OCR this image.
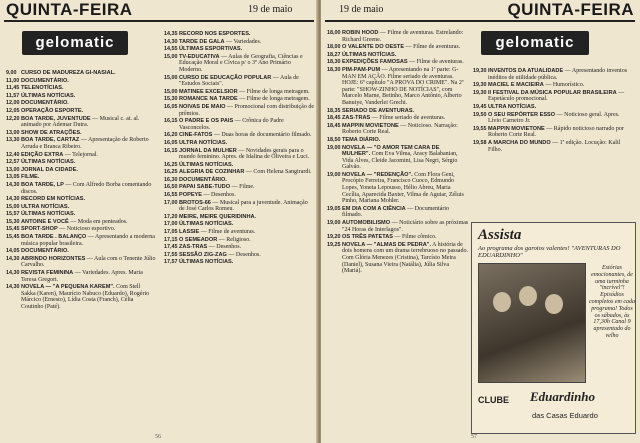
QUINTA-FEIRA	19 de maio
gelomatic
9,00 CURSO DE MADUREZA GI-NASIAL.
11,00 DOCUMENTÁRIO.
11,45 TELENOTÍCIAS.
11,57 ÚLTIMAS NOTÍCIAS.
12,00 DOCUMENTÁRIO.
12,05 OPERAÇÃO ESPORTE.
12,20 BOA TARDE, JUVENTUDE — Musical c. at. al. animado por Ademar Dutra.
13,00 SHOW DE ATRAÇÕES.
13,30 BOA TARDE, CARTAZ — Apresentação de Roberto Arruda e Branca Ribeiro.
12,40 EDIÇÃO EXTRA — Telejornal.
12,57 ÚLTIMAS NOTÍCIAS.
13,00 JORNAL DA CIDADE.
13,05 FILME.
14,30 BOA TARDE, LP — Com Alfredo Borba comentando discos.
14,30 RECORD EM NOTÍCIAS.
15,00 ULTRA NOTÍCIAS.
15,57 ÚLTIMAS NOTÍCIAS.
15,30 ANTOINE E VOCÊ — Moda em penteados.
15,45 SPORT-SHOP — Noticioso esportivo.
15,45 BOA TARDE . BALANÇO — Apresentando a moderna música popular brasileira.
14,05 DOCUMENTÁRIO.
14,30 ABRINDO HORIZONTES — Aula com o Tenente Júlio Carvalho.
14,30 REVISTA FEMININA — Variedades. Apres. Maria Teresa Gregori.
14,30 NOVELA — "A PEQUENA KAREM". Com Stell Sakka (Karen), Maurício Nabuco (Eduardo), Rogério Márcico (Ernesto), Lídia Costa (Franch), Célia Coutinho (Paté).
14,35 RECORD NOS ESPORTES.
14,30 TARDE DE GALA — Variedades.
14,55 ÚLTIMAS ESPORTIVAS.
15,00 TV-EDUCATIVA — Aulas de Geografia, Ciências e Educação Moral e Cívica p/ o 3º Ano Primário Moderno.
15,00 CURSO DE EDUCAÇÃO POPULAR — Aula de "Estudos Sociais".
15,00 MATINEE EXCELSIOR — Filme de longa metragem.
15,30 ROMANCE NA TARDE — Filme de longa metragem.
16,05 NOIVAS DE MAIO — Promocional com distribuição de prêmios.
16,15 O PADRE E OS PAIS — Crônica do Padre Vasconcelos.
16,20 CINE-FATOS — Duas horas de documentário filmado.
16,05 ULTRA NOTÍCIAS.
16,15 JORNAL DA MULHER — Novidades gerais para o mundo feminino. Apres. de Idalina de Oliveira e Luci.
16,25 ÚLTIMAS NOTÍCIAS.
16,25 ALEGRIA DE COZINHAR — Com Helena Sangirardi.
16,30 DOCUMENTÁRIO.
16,50 PAPAI SABE-TUDO — Filme.
16,55 POPEYE — Desenhos.
17,00 BROTOS-66 — Musical para a juventude. Animação de José Carlos Romeu.
17,20 MEIRE, MEIRE QUERIDINHA.
17,00 ÚLTIMAS NOTÍCIAS.
17,05 LASSIE — Filme de aventuras.
17,15 O SEMEADOR — Religioso.
17,45 ZAS-TRAS — Desenhos.
17,55 SESSÃO ZIG-ZAG — Desenhos.
17,57 ÚLTIMAS NOTÍCIAS.
56
19 de maio	QUINTA-FEIRA
gelomatic
18,00 ROBIN HOOD — Filme de aventuras. Estrelando: Richard Greene.
18,00 O VALENTE DO OESTE — Filme de aventuras.
18,27 ÚLTIMAS NOTÍCIAS.
18,30 EXPEDIÇÕES FAMOSAS — Filme de aventuras.
18,30 PIM-PAM-PUM — Apresentando na 1ª parte: G-MAN EM AÇÃO. Filme seriado de aventuras. HOJE: 6º capítulo "A PROVA DO CRIME". Na 2ª parte: "SHOW-ZINHO DE NOTÍCIAS", com Marcelo Marne, Betinho, Marco Antônio, Alberto Banuiye, Vanderlei Grechi.
18,35 SERIADO DE AVENTURAS.
18,45 ZAS-TRAS — Filme seriado de aventuras.
18,45 MAPPIN MOVIETONE — Noticioso. Narração: Roberto Corte Real.
18,50 TEMA DIÁRIO.
19,00 NOVELA — "O AMOR TEM CARA DE MULHER". Com Eva Vilma, Aracy Balabanian, Vida Alves, Cleide Jacomini, Lisa Negri, Sérgio Galvão.
19,00 NOVELA — "REDENÇÃO". Com Flora Geni, Procópio Ferreira, Francisco Cuoco, Edmundo Lopes, Yoneta Lepousso, Hélio Abreu, Maria Cecília, Aparecida Baxter, Vilma de Aguiar, Zéluis Pinho, Mariana Mohler.
19,05 EM DIA COM A CIÊNCIA — Documentário filmado.
19,00 AUTOMOBILISMO — Noticiário sobre as próximas "24 Horas de Interlagos".
19,20 OS TRÊS PATETAS — Filme cômico.
19,25 NOVELA — "ALMAS DE PEDRA". A história de dois homens com um drama terrebruoso no passado. Com Glória Menezes (Cristina), Tarcísio Meira (Daniel), Susana Vieira (Natália), Júlia Silva (Mariá).
19,30 INVENTOS DA ATUALIDADE — Apresentando inventos inéditos de utilidade pública.
19,30 MACIEL E MACIEIRA — Humorístico.
19,30 II FESTIVAL DA MÚSICA POPULAR BRASILEIRA — Espetáculo promocional.
19,45 ULTRA NOTÍCIAS.
19,50 O SEU REPÓRTER ESSO — Noticioso geral. Apres. Lívio Carneiro Jr.
19,55 MAPPIN MOVIETONE — Rápido noticioso narrado por Roberto Corte Real.
19,58 A MARCHA DO MUNDO — 1ª edição. Locução: Kalil Filho.
Assista
Ao programa dos garotos valentes! "AVENTURAS DO EDUARDINHO"
Estórias emocionantes, de uma turminha "incrível"! Episódios completos em cada programa! Todos os sábados, às 17,30h Canal 9 apresentado do velho
CLUBE Eduardinho
das Casas Eduardo
57
